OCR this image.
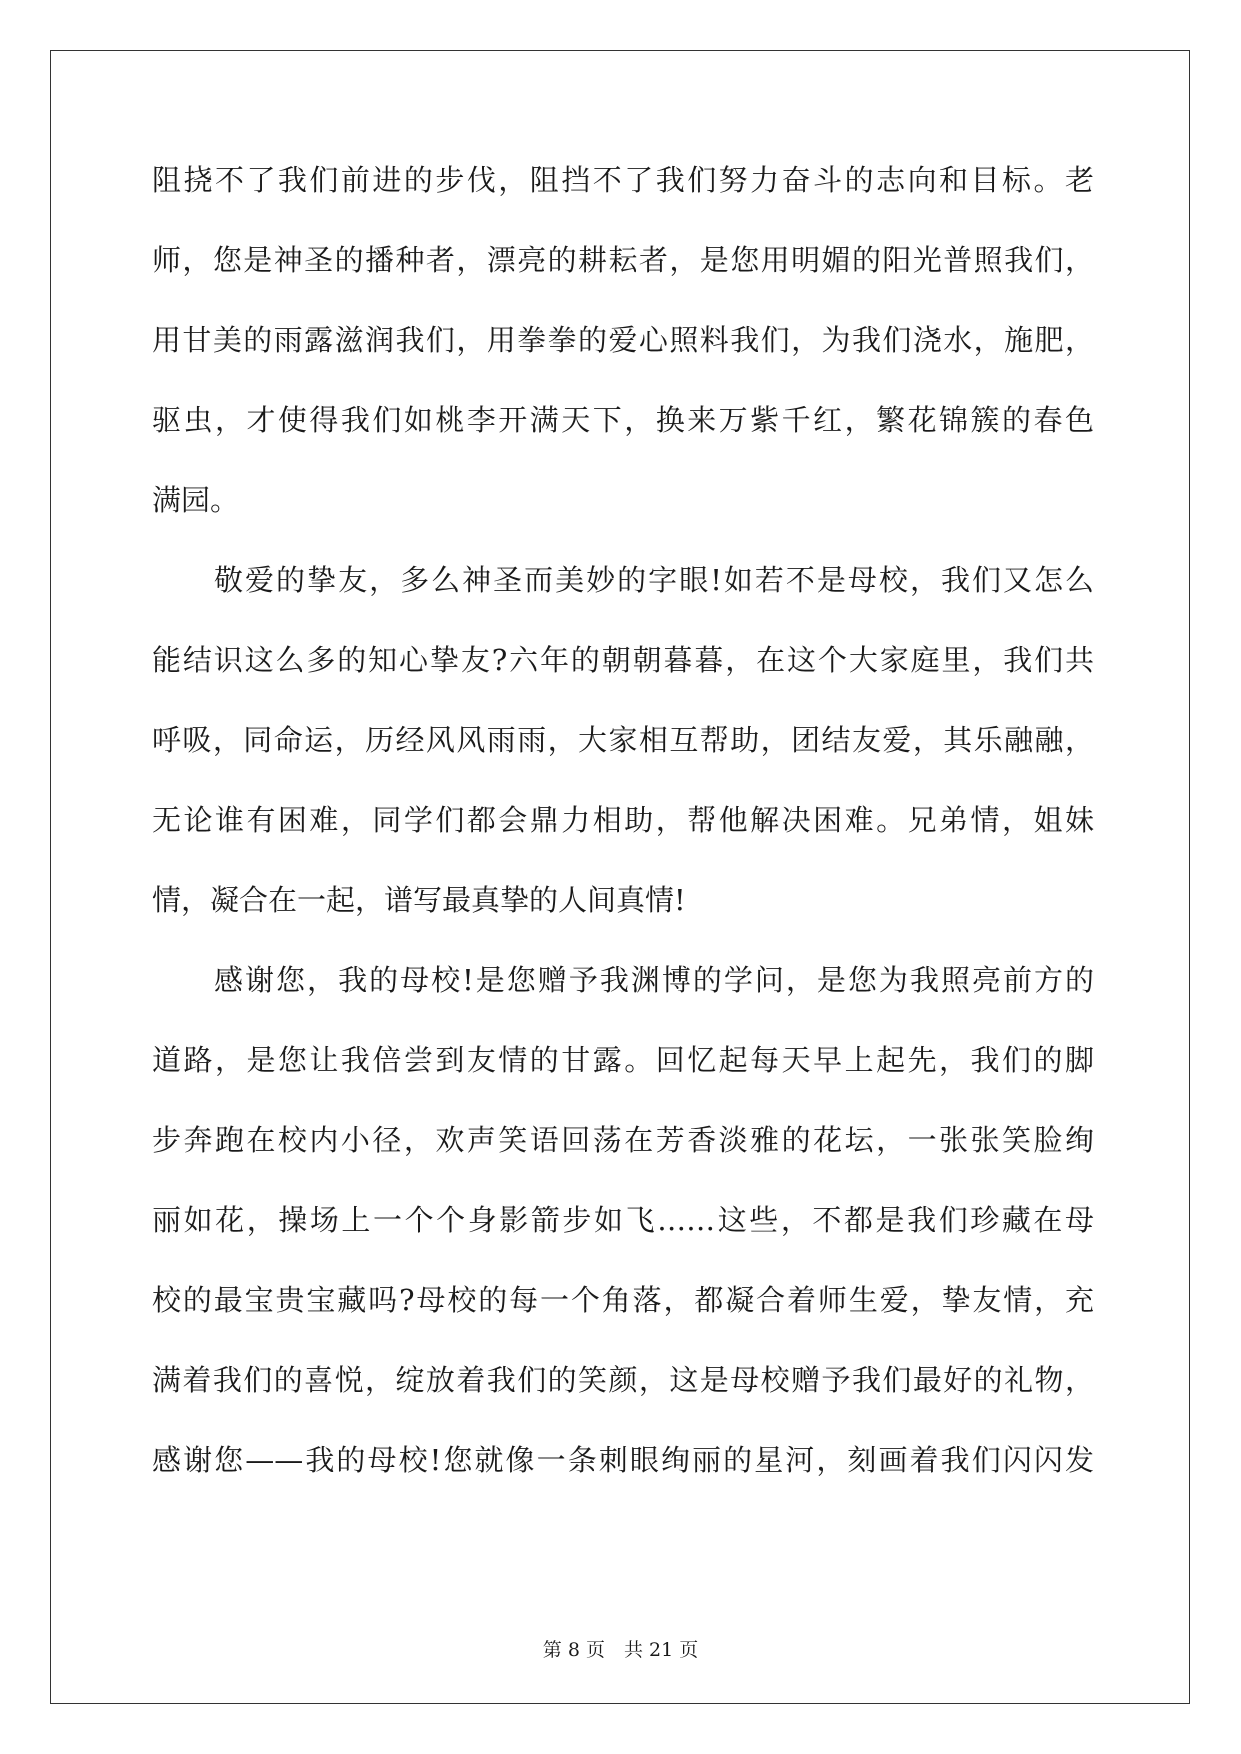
阻挠不了我们前进的步伐，阻挡不了我们努力奋斗的志向和目标。老
师，您是神圣的播种者，漂亮的耕耘者，是您用明媚的阳光普照我们，
用甘美的雨露滋润我们，用拳拳的爱心照料我们，为我们浇水，施肥，
驱虫，才使得我们如桃李开满天下，换来万紫千红，繁花锦簇的春色
满园。
　　敬爱的挚友，多么神圣而美妙的字眼!如若不是母校，我们又怎么
能结识这么多的知心挚友?六年的朝朝暮暮，在这个大家庭里，我们共
呼吸，同命运，历经风风雨雨，大家相互帮助，团结友爱，其乐融融，
无论谁有困难，同学们都会鼎力相助，帮他解决困难。兄弟情，姐妹
情，凝合在一起，谱写最真挚的人间真情!
　　感谢您，我的母校!是您赠予我渊博的学问，是您为我照亮前方的
道路，是您让我倍尝到友情的甘露。回忆起每天早上起先，我们的脚
步奔跑在校内小径，欢声笑语回荡在芳香淡雅的花坛，一张张笑脸绚
丽如花，操场上一个个身影箭步如飞……这些，不都是我们珍藏在母
校的最宝贵宝藏吗?母校的每一个角落，都凝合着师生爱，挚友情，充
满着我们的喜悦，绽放着我们的笑颜，这是母校赠予我们最好的礼物，
感谢您——我的母校!您就像一条刺眼绚丽的星河，刻画着我们闪闪发
第 8 页　共 21 页
